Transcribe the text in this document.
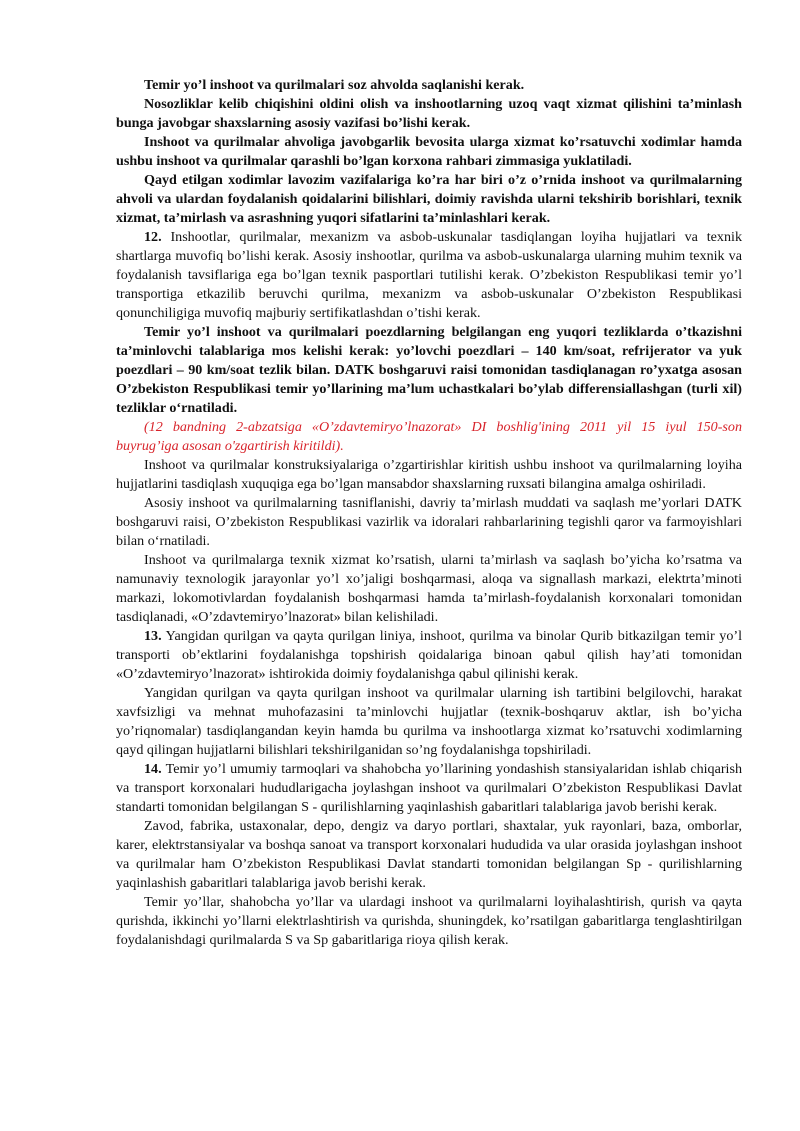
Temir yo’l inshoot va qurilmalari soz ahvolda saqlanishi kerak.

Nosozliklar kelib chiqishini oldini olish va inshootlarning uzoq vaqt xizmat qilishini ta’minlash bunga javobgar shaxslarning asosiy vazifasi bo’lishi kerak.

Inshoot va qurilmalar ahvoliga javobgarlik bevosita ularga xizmat ko’rsatuvchi xodimlar hamda ushbu inshoot va qurilmalar qarashli bo’lgan korxona rahbari zimmasiga yuklatiladi.

Qayd etilgan xodimlar lavozim vazifalariga ko’ra har biri o’z o’rnida inshoot va qurilmalarning ahvoli va ulardan foydalanish qoidalarini bilishlari, doimiy ravishda ularni tekshirib borishlari, texnik xizmat, ta’mirlash va asrashning yuqori sifatlarini ta’minlashlari kerak.

12. Inshootlar, qurilmalar, mexanizm va asbob-uskunalar tasdiqlangan loyiha hujjatlari va texnik shartlarga muvofiq bo’lishi kerak. Asosiy inshootlar, qurilma va asbob-uskunalarga ularning muhim texnik va foydalanish tavsiflariga ega bo’lgan texnik pasportlari tutilishi kerak. O’zbekiston Respublikasi temir yo’l transportiga etkazilib beruvchi qurilma, mexanizm va asbob-uskunalar O’zbekiston Respublikasi qonunchiligiga muvofiq majburiy sertifikatlashdan o’tishi kerak.

Temir yo’l inshoot va qurilmalari poezdlarning belgilangan eng yuqori tezliklarda o’tkazishni ta’minlovchi talablariga mos kelishi kerak: yo’lovchi poezdlari – 140 km/soat, refrijerator va yuk poezdlari – 90 km/soat tezlik bilan. DATK boshgaruvi raisi tomonidan tasdiqlanagan ro’yxatga asosan O’zbekiston Respublikasi temir yo’llarining ma’lum uchastkalari bo’ylab differensiallashgan (turli xil) tezliklar o‘rnatiladi.

(12 bandning 2-abzatsiga «O’zdavtemiryo’lnazorat» DI boshlig'ining 2011 yil 15 iyul 150-son buyrug’iga asosan o'zgartirish kiritildi).

Inshoot va qurilmalar konstruksiyalariga o’zgartirishlar kiritish ushbu inshoot va qurilmalarning loyiha hujjatlarini tasdiqlash xuquqiga ega bo’lgan mansabdor shaxslarning ruxsati bilangina amalga oshiriladi.

Asosiy inshoot va qurilmalarning tasniflanishi, davriy ta’mirlash muddati va saqlash me’yorlari DATK boshgaruvi raisi, O’zbekiston Respublikasi vazirlik va idoralari rahbarlarining tegishli qaror va farmoyishlari bilan o‘rnatiladi.

Inshoot va qurilmalarga texnik xizmat ko’rsatish, ularni ta’mirlash va saqlash bo’yicha ko’rsatma va namunaviy texnologik jarayonlar yo’l xo’jaligi boshqarmasi, aloqa va signallash markazi, elektrta’minoti markazi, lokomotivlardan foydalanish boshqarmasi hamda ta’mirlash-foydalanish korxonalari tomonidan tasdiqlanadi, «O’zdavtemiryo’lnazorat» bilan kelishiladi.

13. Yangidan qurilgan va qayta qurilgan liniya, inshoot, qurilma va binolar Qurib bitkazilgan temir yo’l transporti ob’ektlarini foydalanishga topshirish qoidalariga binoan qabul qilish hay’ati tomonidan «O’zdavtemiryo’lnazorat» ishtirokida doimiy foydalanishga qabul qilinishi kerak.

Yangidan qurilgan va qayta qurilgan inshoot va qurilmalar ularning ish tartibini belgilovchi, harakat xavfsizligi va mehnat muhofazasini ta’minlovchi hujjatlar (texnik-boshqaruv aktlar, ish bo’yicha yo’riqnomalar) tasdiqlangandan keyin hamda bu qurilma va inshootlarga xizmat ko’rsatuvchi xodimlarning qayd qilingan hujjatlarni bilishlari tekshirilganidan so’ng foydalanishga topshiriladi.

14. Temir yo’l umumiy tarmoqlari va shahobcha yo’llarining yondashish stansiyalaridan ishlab chiqarish va transport korxonalari hududlarigacha joylashgan inshoot va qurilmalari O’zbekiston Respublikasi Davlat standarti tomonidan belgilangan S - qurilishlarning yaqinlashish gabaritlari talablariga javob berishi kerak.

Zavod, fabrika, ustaxonalar, depo, dengiz va daryo portlari, shaxtalar, yuk rayonlari, baza, omborlar, karer, elektrstansiyalar va boshqa sanoat va transport korxonalari hududida va ular orasida joylashgan inshoot va qurilmalar ham O’zbekiston Respublikasi Davlat standarti tomonidan belgilangan Sp - qurilishlarning yaqinlashish gabaritlari talablariga javob berishi kerak.

Temir yo’llar, shahobcha yo’llar va ulardagi inshoot va qurilmalarni loyihalashtirish, qurish va qayta qurishda, ikkinchi yo’llarni elektrlashtirish va qurishda, shuningdek, ko’rsatilgan gabaritlarga tenglashtirilgan foydalanishdagi qurilmalarda S va Sp gabaritlariga rioya qilish kerak.
